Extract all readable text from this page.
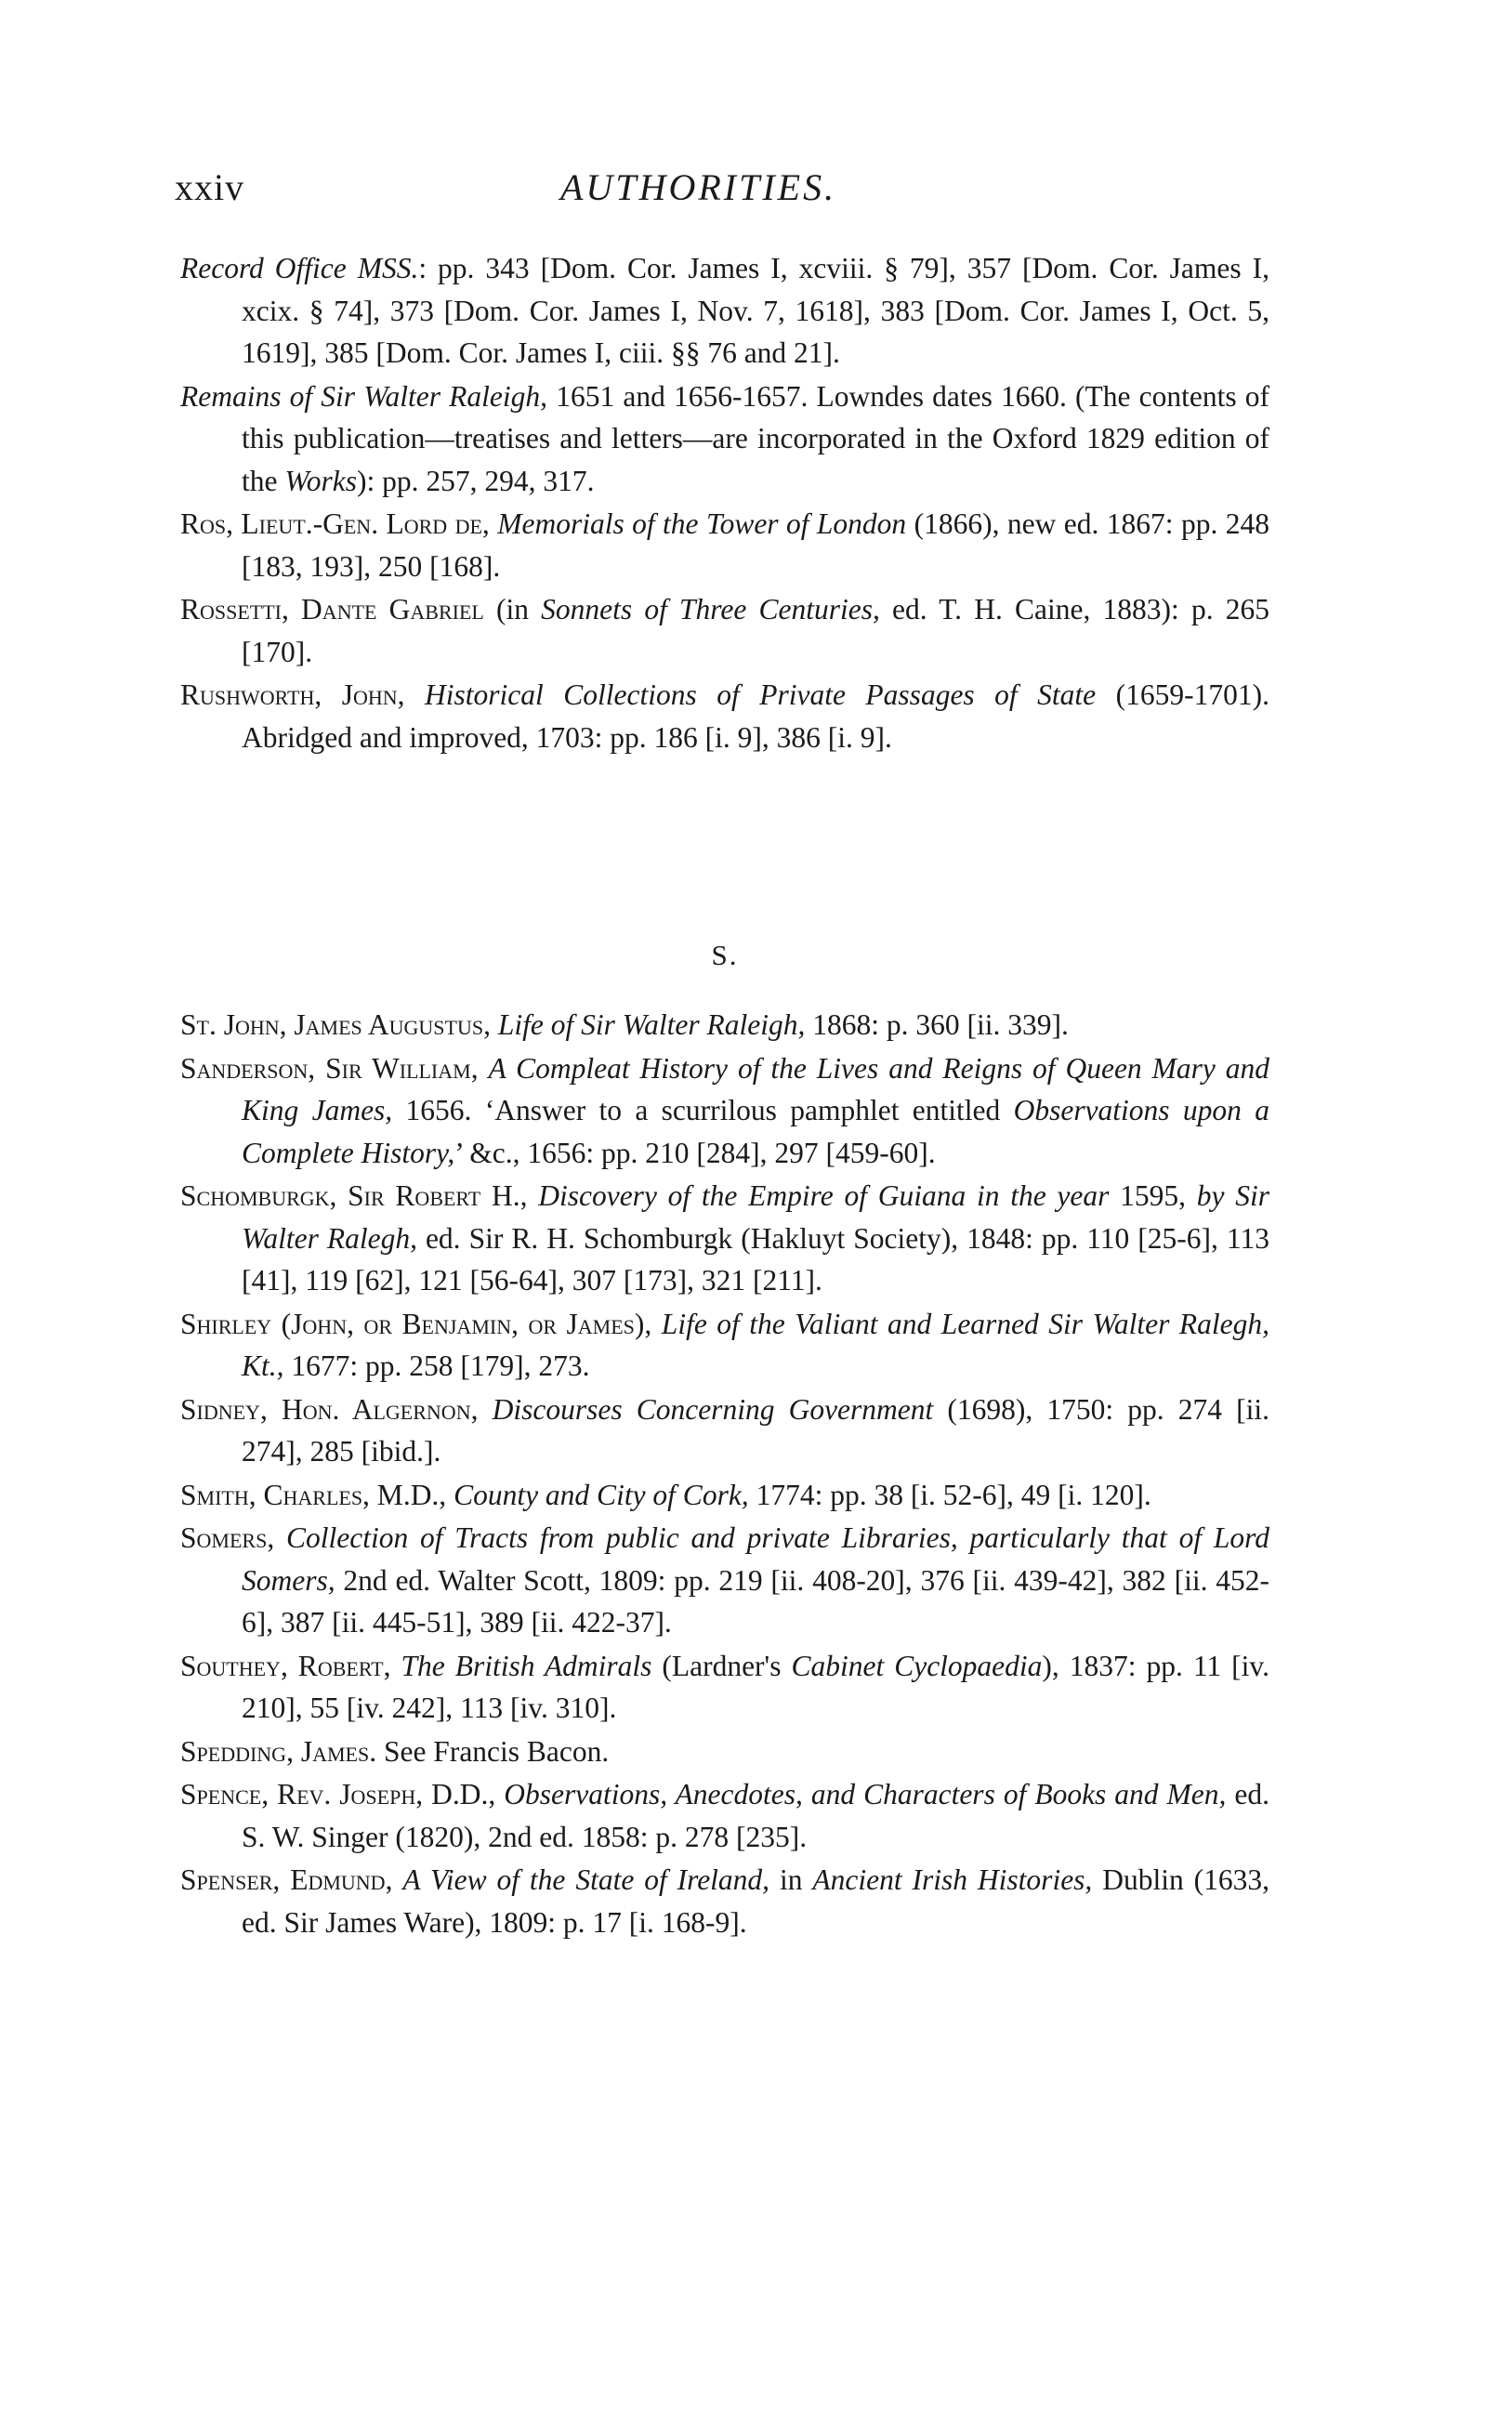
xxiv	AUTHORITIES.

Record Office MSS.: pp. 343 [Dom. Cor. James I, xcviii. § 79], 357 [Dom. Cor. James I, xcix. § 74], 373 [Dom. Cor. James I, Nov. 7, 1618], 383 [Dom. Cor. James I, Oct. 5, 1619], 385 [Dom. Cor. James I, ciii. §§ 76 and 21].

Remains of Sir Walter Raleigh, 1651 and 1656-1657. Lowndes dates 1660. (The contents of this publication—treatises and letters—are incorporated in the Oxford 1829 edition of the Works): pp. 257, 294, 317.

Ros, Lieut.-Gen. Lord de, Memorials of the Tower of London (1866), new ed. 1867: pp. 248 [183, 193], 250 [168].

Rossetti, Dante Gabriel (in Sonnets of Three Centuries, ed. T. H. Caine, 1883): p. 265 [170].

Rushworth, John, Historical Collections of Private Passages of State (1659-1701). Abridged and improved, 1703: pp. 186 [i. 9], 386 [i. 9].

S.

St. John, James Augustus, Life of Sir Walter Raleigh, 1868: p. 360 [ii. 339].

Sanderson, Sir William, A Compleat History of the Lives and Reigns of Queen Mary and King James, 1656. ‘Answer to a scurrilous pamphlet entitled Observations upon a Complete History,’ &c., 1656: pp. 210 [284], 297 [459-60].

Schomburgk, Sir Robert H., Discovery of the Empire of Guiana in the year 1595, by Sir Walter Ralegh, ed. Sir R. H. Schomburgk (Hakluyt Society), 1848: pp. 110 [25-6], 113 [41], 119 [62], 121 [56-64], 307 [173], 321 [211].

Shirley (John, or Benjamin, or James), Life of the Valiant and Learned Sir Walter Ralegh, Kt., 1677: pp. 258 [179], 273.

Sidney, Hon. Algernon, Discourses Concerning Government (1698), 1750: pp. 274 [ii. 274], 285 [ibid.].

Smith, Charles, M.D., County and City of Cork, 1774: pp. 38 [i. 52-6], 49 [i. 120].

Somers, Collection of Tracts from public and private Libraries, particularly that of Lord Somers, 2nd ed. Walter Scott, 1809: pp. 219 [ii. 408-20], 376 [ii. 439-42], 382 [ii. 452-6], 387 [ii. 445-51], 389 [ii. 422-37].

Southey, Robert, The British Admirals (Lardner's Cabinet Cyclopaedia), 1837: pp. 11 [iv. 210], 55 [iv. 242], 113 [iv. 310].

Spedding, James. See Francis Bacon.

Spence, Rev. Joseph, D.D., Observations, Anecdotes, and Characters of Books and Men, ed. S. W. Singer (1820), 2nd ed. 1858: p. 278 [235].

Spenser, Edmund, A View of the State of Ireland, in Ancient Irish Histories, Dublin (1633, ed. Sir James Ware), 1809: p. 17 [i. 168-9].
